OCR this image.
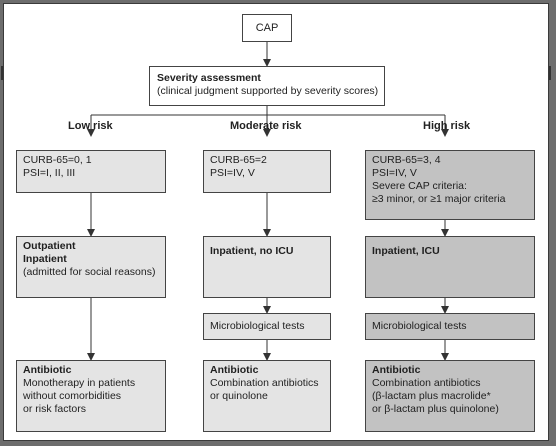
CAP
Severity assessment
(clinical judgment supported by severity scores)
Low risk	Moderate risk	High risk
CURB-65=0, 1
PSI=I, II, III
CURB-65=2
PSI=IV, V
CURB-65=3, 4
PSI=IV, V
Severe CAP criteria:
≥3 minor, or ≥1 major criteria
Outpatient
Inpatient
(admitted for social reasons)
Inpatient, no ICU	Inpatient, ICU
Microbiological tests	Microbiological tests
Antibiotic
Monotherapy in patients
without comorbidities
or risk factors
Antibiotic
Combination antibiotics
or quinolone
Antibiotic
Combination antibiotics
(β-lactam plus macrolide*
or β-lactam plus quinolone)
